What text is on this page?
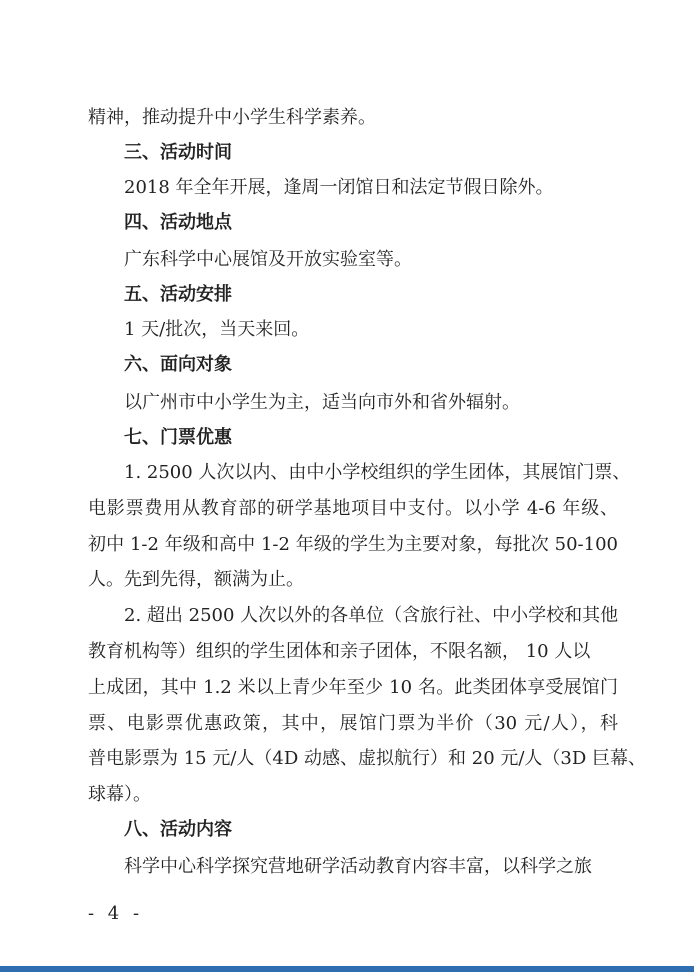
精神，推动提升中小学生科学素养。
三、活动时间
2018 年全年开展，逢周一闭馆日和法定节假日除外。
四、活动地点
广东科学中心展馆及开放实验室等。
五、活动安排
1 天/批次，当天来回。
六、面向对象
以广州市中小学生为主，适当向市外和省外辐射。
七、门票优惠
1. 2500 人次以内、由中小学校组织的学生团体，其展馆门票、
电影票费用从教育部的研学基地项目中支付。以小学 4-6 年级、
初中 1-2 年级和高中 1-2 年级的学生为主要对象，每批次 50-100
人。先到先得，额满为止。
2. 超出 2500 人次以外的各单位（含旅行社、中小学校和其他
教育机构等）组织的学生团体和亲子团体，不限名额， 10 人以
上成团，其中 1.2 米以上青少年至少 10 名。此类团体享受展馆门
票、电影票优惠政策，其中，展馆门票为半价（30 元/人），科
普电影票为 15 元/人（4D 动感、虚拟航行）和 20 元/人（3D 巨幕、
球幕）。
八、活动内容
科学中心科学探究营地研学活动教育内容丰富，以科学之旅
- 4 -
